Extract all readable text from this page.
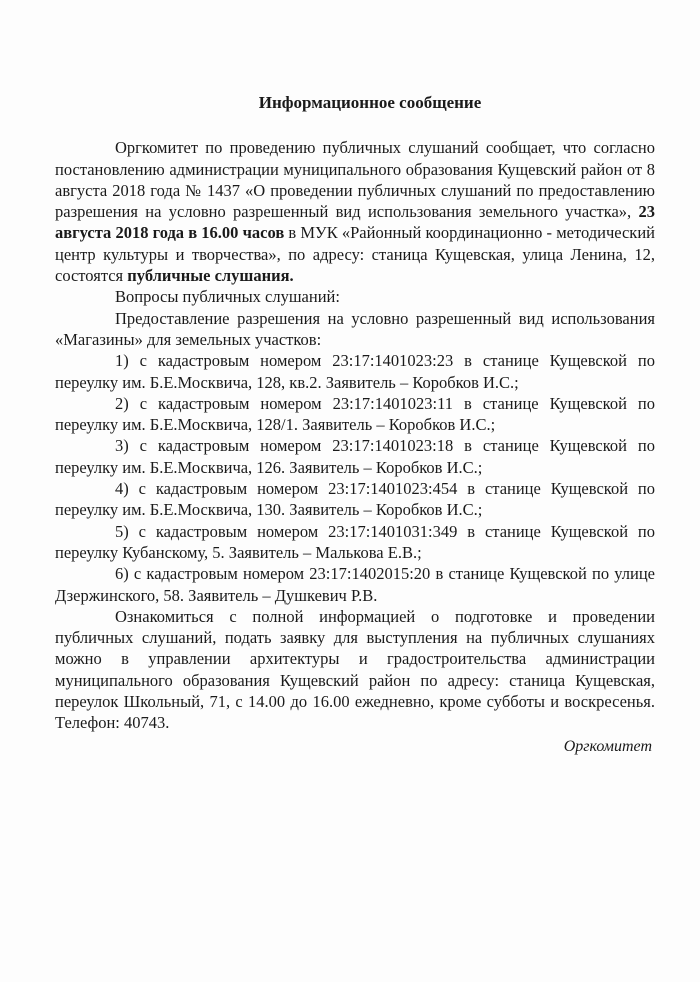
Информационное сообщение

Оргкомитет по проведению публичных слушаний сообщает, что согласно постановлению администрации муниципального образования Кущевский район от 8 августа 2018 года № 1437 «О проведении публичных слушаний по предоставлению разрешения на условно разрешенный вид использования земельного участка», 23 августа 2018 года в 16.00 часов в МУК «Районный координационно - методический центр культуры и творчества», по адресу: станица Кущевская, улица Ленина, 12, состоятся публичные слушания.

Вопросы публичных слушаний:

Предоставление разрешения на условно разрешенный вид использования «Магазины» для земельных участков:

1) с кадастровым номером 23:17:1401023:23 в станице Кущевской по переулку им. Б.Е.Москвича, 128, кв.2. Заявитель – Коробков И.С.;

2) с кадастровым номером 23:17:1401023:11 в станице Кущевской по переулку им. Б.Е.Москвича, 128/1. Заявитель – Коробков И.С.;

3) с кадастровым номером 23:17:1401023:18 в станице Кущевской по переулку им. Б.Е.Москвича, 126. Заявитель – Коробков И.С.;

4) с кадастровым номером 23:17:1401023:454 в станице Кущевской по переулку им. Б.Е.Москвича, 130. Заявитель – Коробков И.С.;

5) с кадастровым номером 23:17:1401031:349 в станице Кущевской по переулку Кубанскому, 5. Заявитель – Малькова Е.В.;

6) с кадастровым номером 23:17:1402015:20 в станице Кущевской по улице Дзержинского, 58. Заявитель – Душкевич Р.В.

Ознакомиться с полной информацией о подготовке и проведении публичных слушаний, подать заявку для выступления на публичных слушаниях можно в управлении архитектуры и градостроительства администрации муниципального образования Кущевский район по адресу: станица Кущевская, переулок Школьный, 71, с 14.00 до 16.00 ежедневно, кроме субботы и воскресенья. Телефон: 40743.

Оргкомитет
